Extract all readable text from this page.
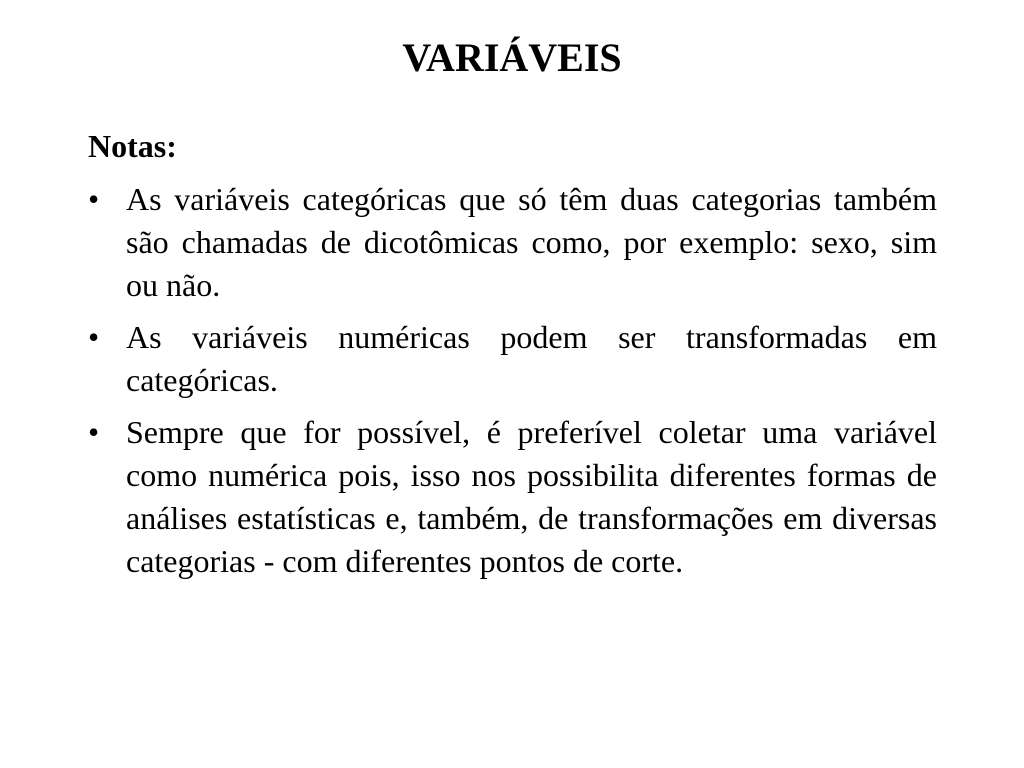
VARIÁVEIS
Notas:
• As variáveis categóricas que só têm duas categorias também são chamadas de dicotômicas como, por exemplo: sexo, sim ou não.
• As variáveis numéricas podem ser transformadas em categóricas.
• Sempre que for possível, é preferível coletar uma variável como numérica pois, isso nos possibilita diferentes formas de análises estatísticas e, também, de transformações em diversas categorias - com diferentes pontos de corte.
